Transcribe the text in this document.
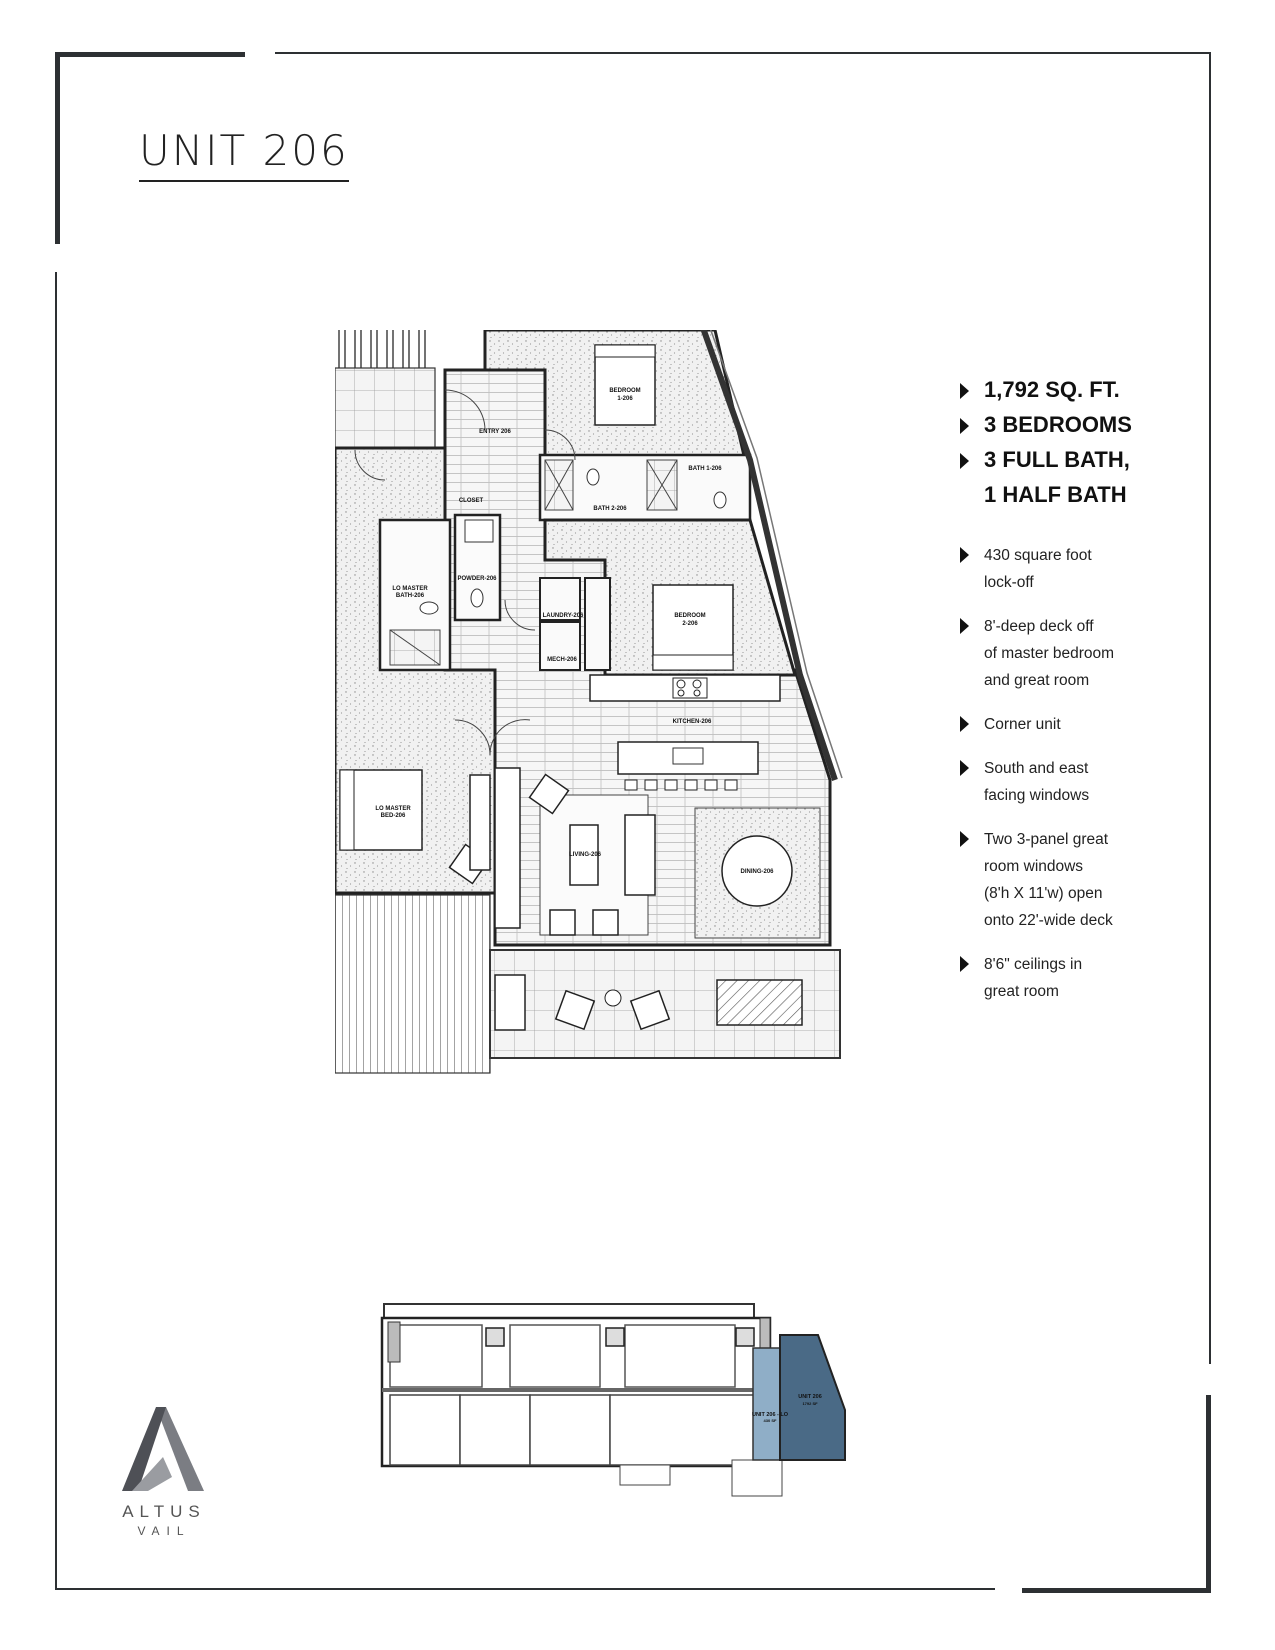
UNIT 206
BEDROOM
1-206
ENTRY 206
BATH 1-206
BATH 2-206
CLOSET
POWDER-206
LO MASTER
BATH-206
LAUNDRY-206
MECH-206
BEDROOM
2-206
KITCHEN-206
LO MASTER
BED-206
LIVING-206
DINING-206
1,792 SQ. FT.
3 BEDROOMS
3 FULL BATH,
1 HALF BATH
430 square foot
lock-off
8'-deep deck off
of master bedroom
and great room
Corner unit
South and east
facing windows
Two 3-panel great
room windows
(8'h X 11'w) open
onto 22'-wide deck
8'6" ceilings in
great room
UNIT 206
1792 SF
UNIT 206 - LO
430 SF
A
ALTUS
VAIL
